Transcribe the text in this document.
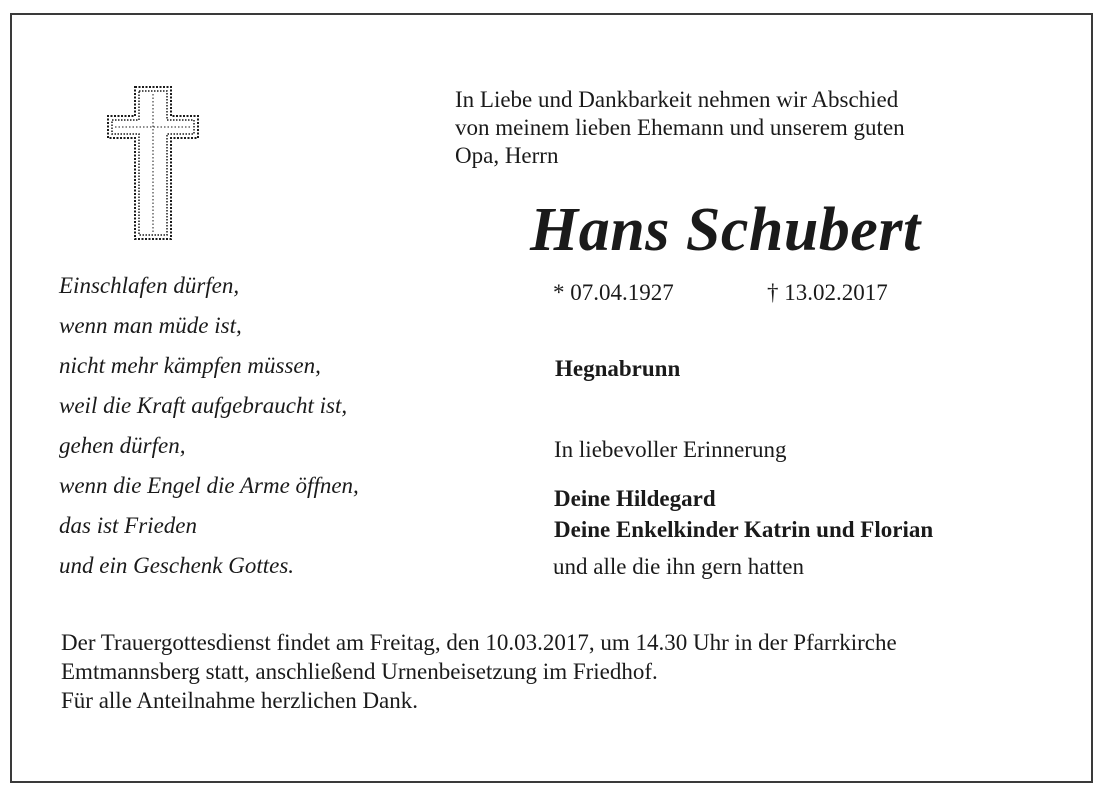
In Liebe und Dankbarkeit nehmen wir Abschied
von meinem lieben Ehemann und unserem guten
Opa, Herrn
Hans Schubert
* 07.04.1927	† 13.02.2017
Hegnabrunn
Einschlafen dürfen,
wenn man müde ist,
nicht mehr kämpfen müssen,
weil die Kraft aufgebraucht ist,
gehen dürfen,
wenn die Engel die Arme öffnen,
das ist Frieden
und ein Geschenk Gottes.
In liebevoller Erinnerung
Deine Hildegard
Deine Enkelkinder Katrin und Florian
und alle die ihn gern hatten
Der Trauergottesdienst findet am Freitag, den 10.03.2017, um 14.30 Uhr in der Pfarrkirche
Emtmannsberg statt, anschließend Urnenbeisetzung im Friedhof.
Für alle Anteilnahme herzlichen Dank.
